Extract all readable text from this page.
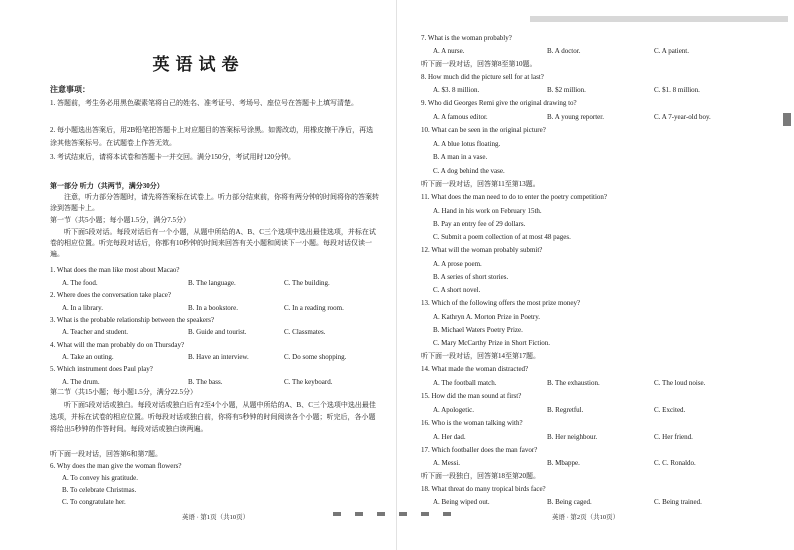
英语试卷
注意事项：
1. 答题前，考生务必用黑色碳素笔将自己的姓名、准考证号、考场号、座位号在答题卡上填写清楚。
2. 每小题选出答案后，用2B铅笔把答题卡上对应题目的答案标号涂黑。如需改动，用橡皮擦干净后，再选涂其他答案标号。在试题卷上作答无效。
3. 考试结束后，请将本试卷和答题卡一并交回。满分150分，考试用时120分钟。
第一部分 听力（共两节，满分30分）
注意，听力部分答题时，请先将答案标在试卷上。听力部分结束前，你将有两分钟的时间将你的答案转涂到答题卡上。
第一节（共5小题；每小题1.5分，满分7.5分）
听下面5段对话。每段对话后有一个小题，从题中所给的A、B、C三个选项中选出最佳选项，并标在试卷的相应位置。听完每段对话后，你都有10秒钟的时间来回答有关小题和阅读下一小题。每段对话仅读一遍。
1. What does the man like most about Macao?
A. The food.	B. The language.	C. The building.
2. Where does the conversation take place?
A. In a library.	B. In a bookstore.	C. In a reading room.
3. What is the probable relationship between the speakers?
A. Teacher and student.	B. Guide and tourist.	C. Classmates.
4. What will the man probably do on Thursday?
A. Take an outing.	B. Have an interview.	C. Do some shopping.
5. Which instrument does Paul play?
A. The drum.	B. The bass.	C. The keyboard.
第二节（共15小题；每小题1.5分，满分22.5分）
听下面5段对话或独白。每段对话或独白后有2至4个小题，从题中所给的A、B、C三个选项中选出最佳选项，并标在试卷的相应位置。听每段对话或独白前，你将有5秒钟的时间阅读各个小题；听完后，各小题将给出5秒钟的作答时间。每段对话或独白读两遍。
听下面一段对话，回答第6和第7题。
6. Why does the man give the woman flowers?
A. To convey his gratitude.
B. To celebrate Christmas.
C. To congratulate her.
英语 · 第1页（共10页）
7. What is the woman probably?
A. A nurse.	B. A doctor.	C. A patient.
听下面一段对话，回答第8至第10题。
8. How much did the picture sell for at last?
A. $3. 8 million.	B. $2 million.	C. $1. 8 million.
9. Who did Georges Remi give the original drawing to?
A. A famous editor.	B. A young reporter.	C. A 7-year-old boy.
10. What can be seen in the original picture?
A. A blue lotus floating.
B. A man in a vase.
C. A dog behind the vase.
听下面一段对话，回答第11至第13题。
11. What does the man need to do to enter the poetry competition?
A. Hand in his work on February 15th.
B. Pay an entry fee of 29 dollars.
C. Submit a poem collection of at most 48 pages.
12. What will the woman probably submit?
A. A prose poem.
B. A series of short stories.
C. A short novel.
13. Which of the following offers the most prize money?
A. Kathryn A. Morton Prize in Poetry.
B. Michael Waters Poetry Prize.
C. Mary McCarthy Prize in Short Fiction.
听下面一段对话，回答第14至第17题。
14. What made the woman distracted?
A. The football match.	B. The exhaustion.	C. The loud noise.
15. How did the man sound at first?
A. Apologetic.	B. Regretful.	C. Excited.
16. Who is the woman talking with?
A. Her dad.	B. Her neighbour.	C. Her friend.
17. Which footballer does the man favor?
A. Messi.	B. Mbappe.	C. C. Ronaldo.
听下面一段独白，回答第18至第20题。
18. What threat do many tropical birds face?
A. Being wiped out.	B. Being caged.	C. Being trained.
英语 · 第2页（共10页）
